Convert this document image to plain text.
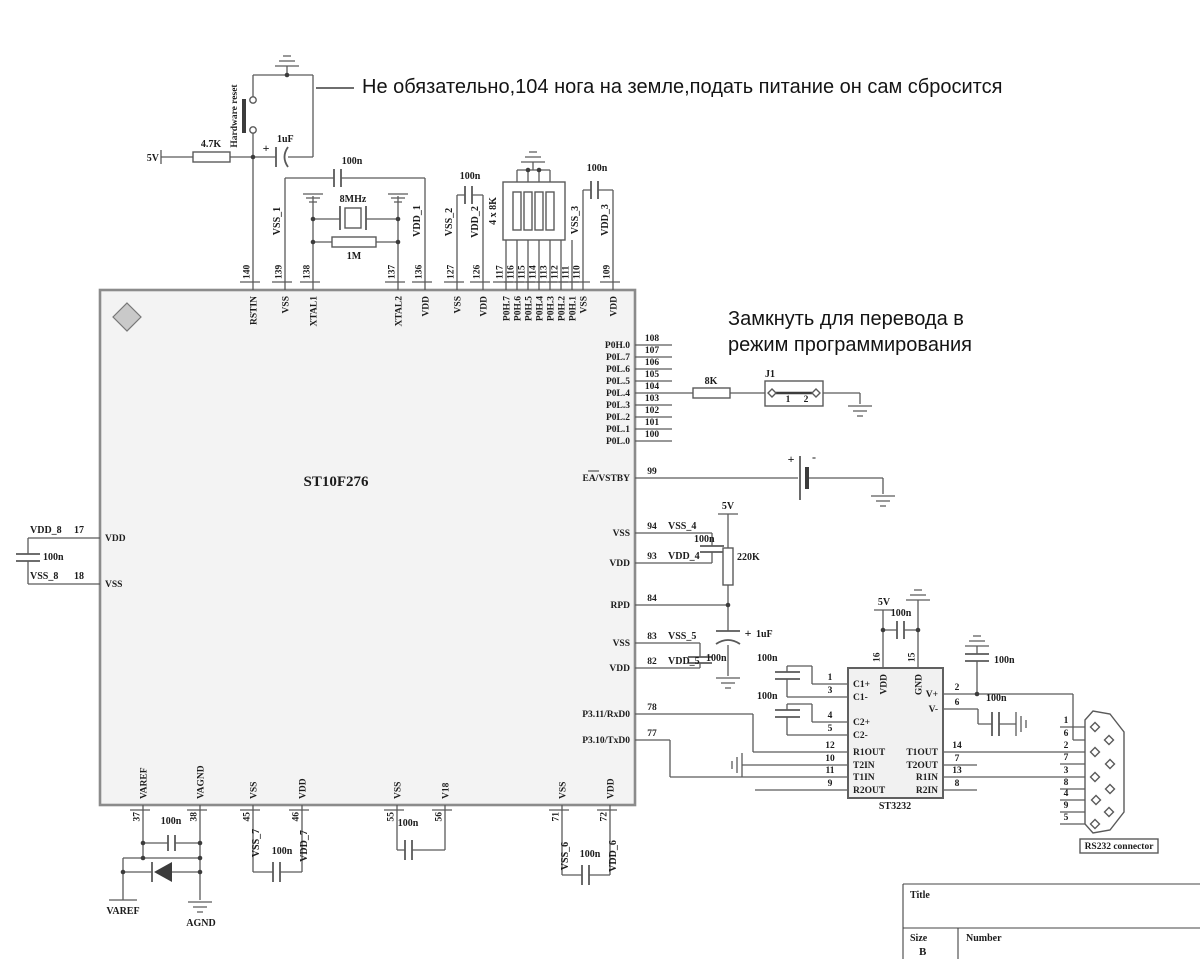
ST10F276
140
RSTIN
139
VSS
138
XTAL1
137
XTAL2
136
VDD
127
VSS
126
VDD
117
P0H.7
116
P0H.6
115
P0H.5
114
P0H.4
113
P0H.3
112
P0H.2
111
P0H.1
110
VSS
109
VDD
P0H.0
108
P0L.7
107
P0L.6
106
P0L.5
105
P0L.4
104
P0L.3
103
P0L.2
102
P0L.1
101
P0L.0
100
EA/VSTBY
99
VSS
94 VSS_4
VDD
93 VDD_4
RPD
84
VSS
83 VSS_5
VDD
82 VDD_5
P3.11/RxD0
78
P3.10/TxD0
77
VDD
VDD_8 17
VSS
VSS_8 18
37
VAREF
38
VAGND
45
VSS
46
VDD
55
VSS
56
V18
71
VSS
72
VDD
C1+
1
C1-
3
C2+
4
C2-
5
R1OUT
12
T2IN
10
T1IN
11
R2OUT
9
V+
2
V-
6
T1OUT
14
T2OUT
7
R1IN
13
R2IN
8
VDD
16
GND
15
1
6
2
7
3
8
4
9
5
5V
4.7K	+
1uF
Hardware reset
100n
8MHz
1M
VSS_1	VDD_1
100n
VSS_2 VDD_2 4 x 8K
100n
VSS_3 VDD_3
Не обязательно,104 нога на земле,подать питание он сам сбросится
Замкнуть для перевода в
режим программирования
8K
J1
1 2
+ -
100n
5V
220K
+ 1uF
100n
5V
100n
100n
100n
100n
100n
100n
100n
VAREF
AGND
100n
VSS_7	VDD_7
100n
100n
VSS_6	VDD_6
ST3232
RS232 connector
Title
Size
B
Number
